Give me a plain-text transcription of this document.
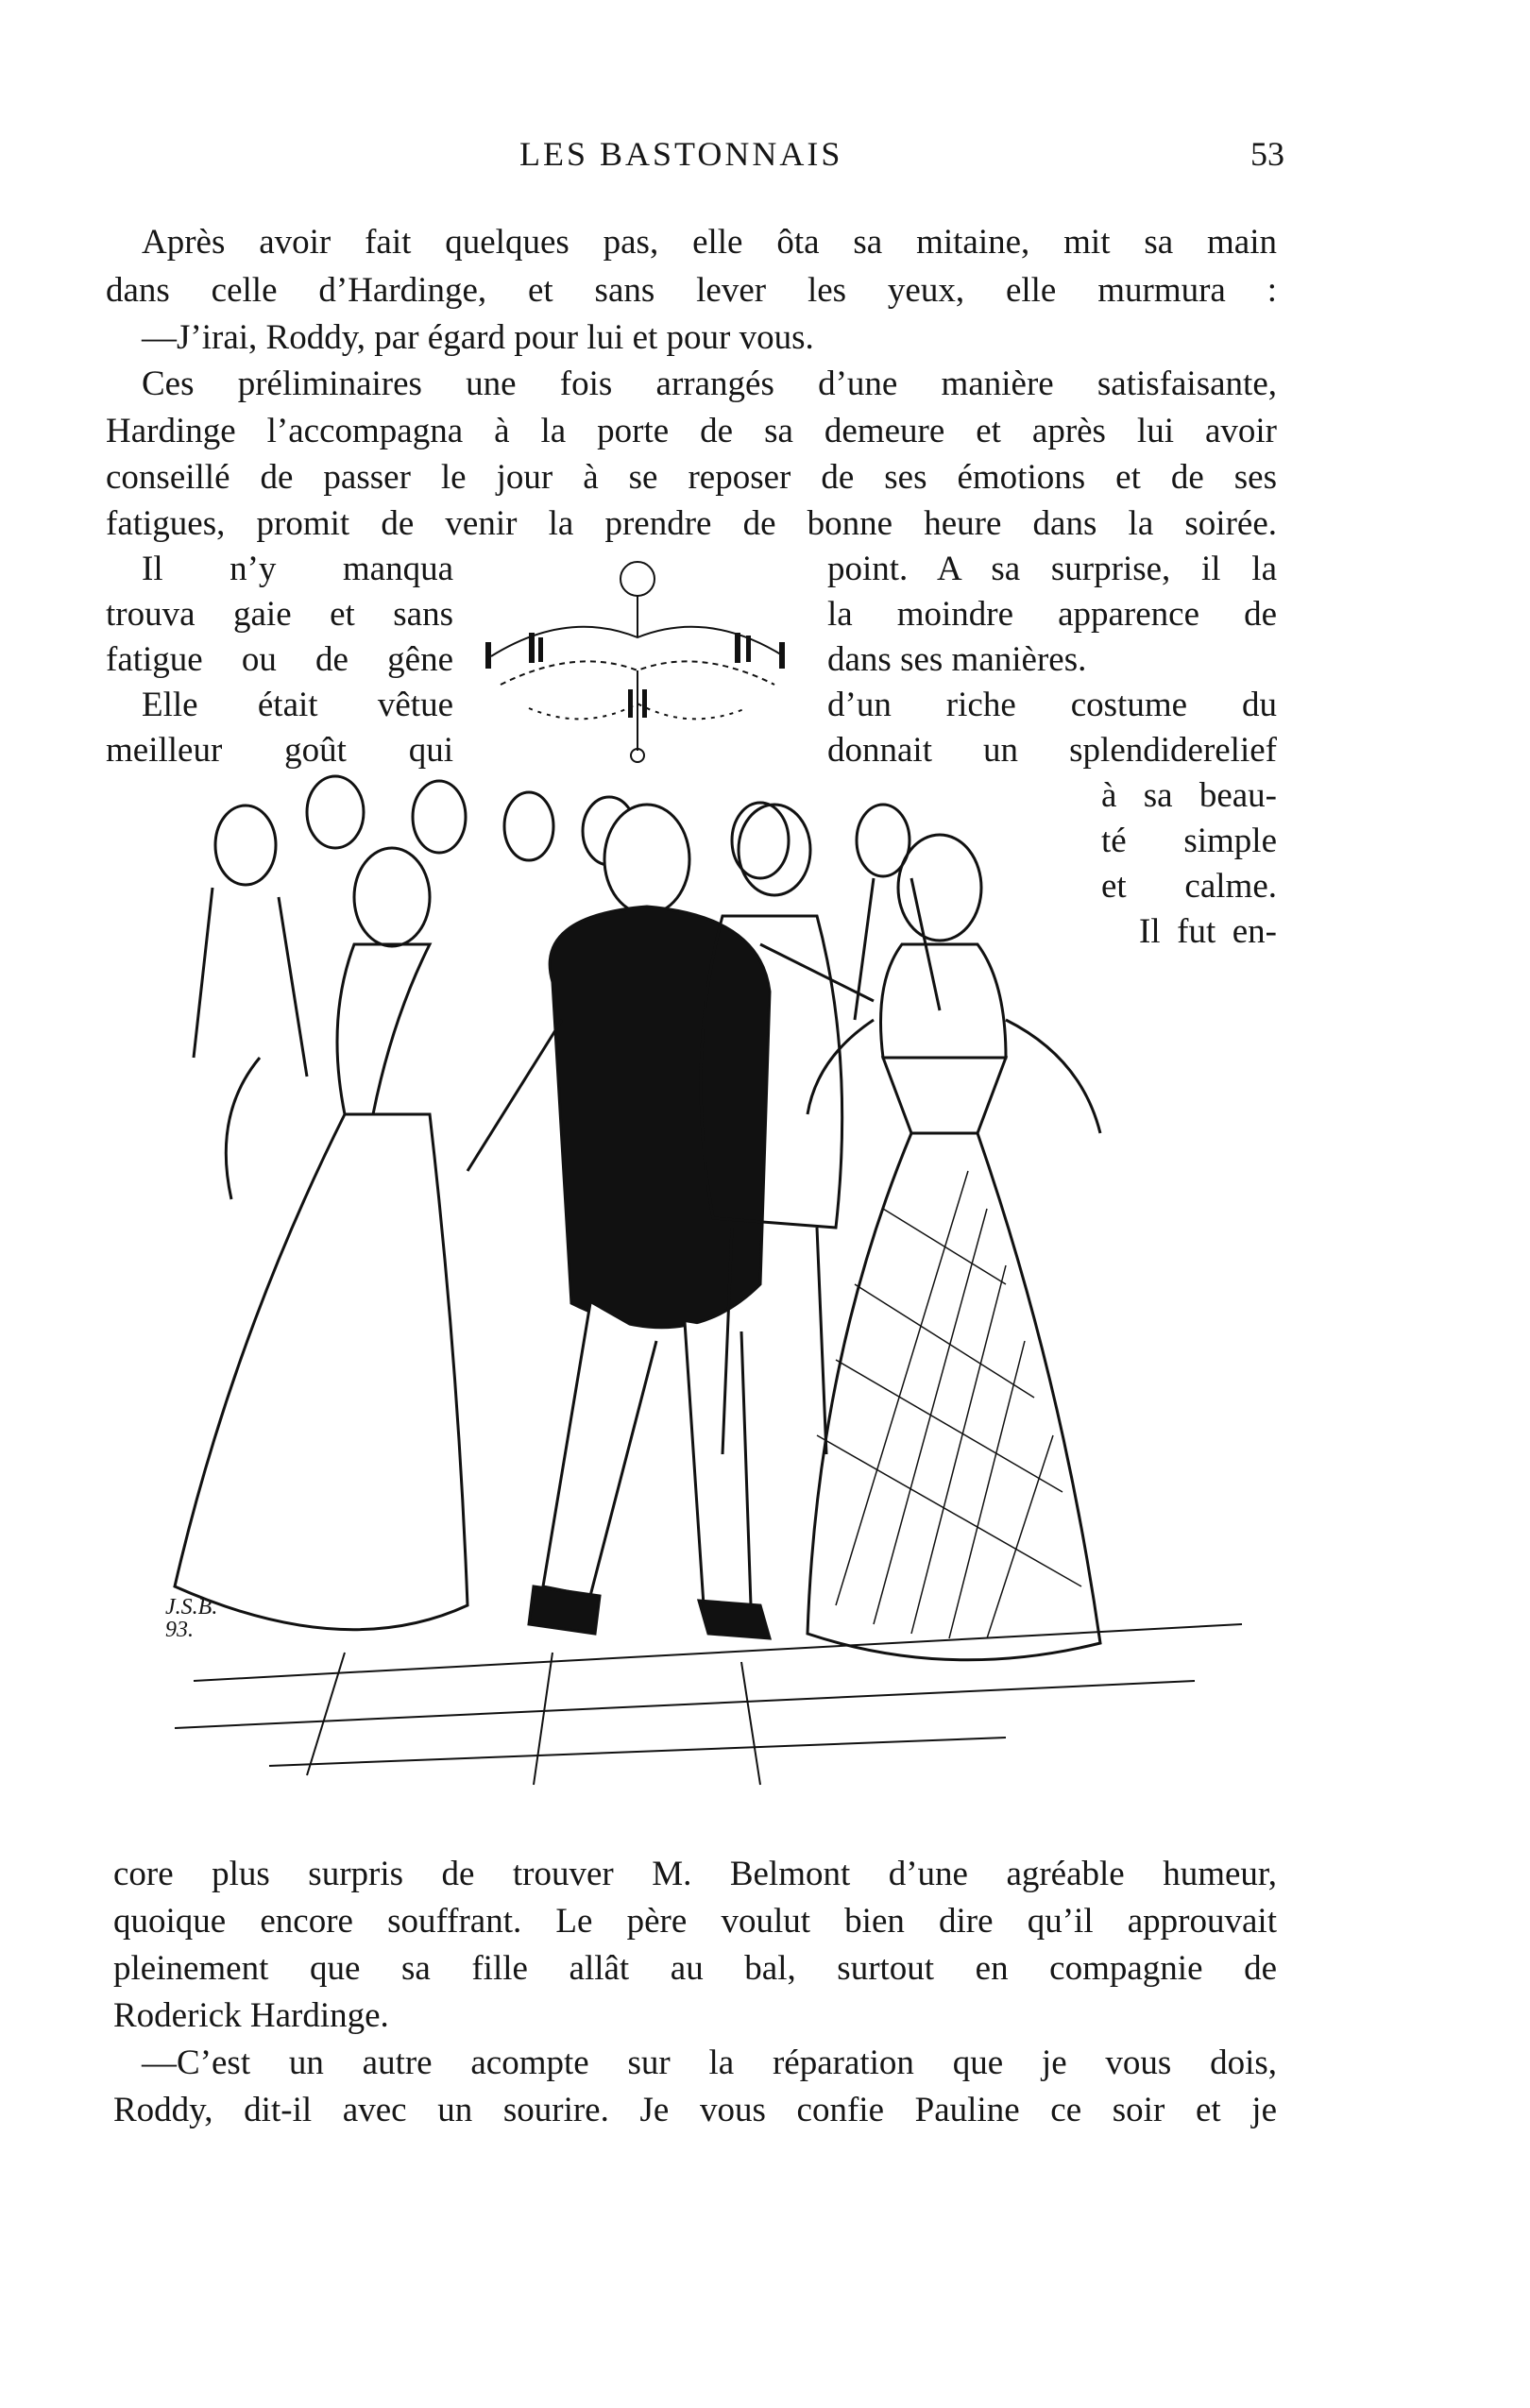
LES BASTONNAIS	53
Après avoir fait quelques pas, elle ôta sa mitaine, mit sa main
dans celle d’Hardinge, et sans lever les yeux, elle murmura :
—J’irai, Roddy, par égard pour lui et pour vous.
Ces préliminaires une fois arrangés d’une manière satisfaisante,
Hardinge l’accompagna à la porte de sa demeure et après lui avoir
conseillé de passer le jour à se reposer de ses émotions et de ses
fatigues, promit de venir la prendre de bonne heure dans la soirée.
Il n’y manqua
trouva gaie et sans
fatigue ou de gêne
Elle était vêtue
meilleur goût qui
point. A sa surprise, il la
la moindre apparence de
dans ses manières.
d’un riche costume du
donnait un splendiderelief
à sa beau-
té simple
et calme.
Il fut en-
J.S.B.
93.
core plus surpris de trouver M. Belmont d’une agréable humeur,
quoique encore souffrant. Le père voulut bien dire qu’il approuvait
pleinement que sa fille allât au bal, surtout en compagnie de
Roderick Hardinge.
—C’est un autre acompte sur la réparation que je vous dois,
Roddy, dit-il avec un sourire. Je vous confie Pauline ce soir et je
